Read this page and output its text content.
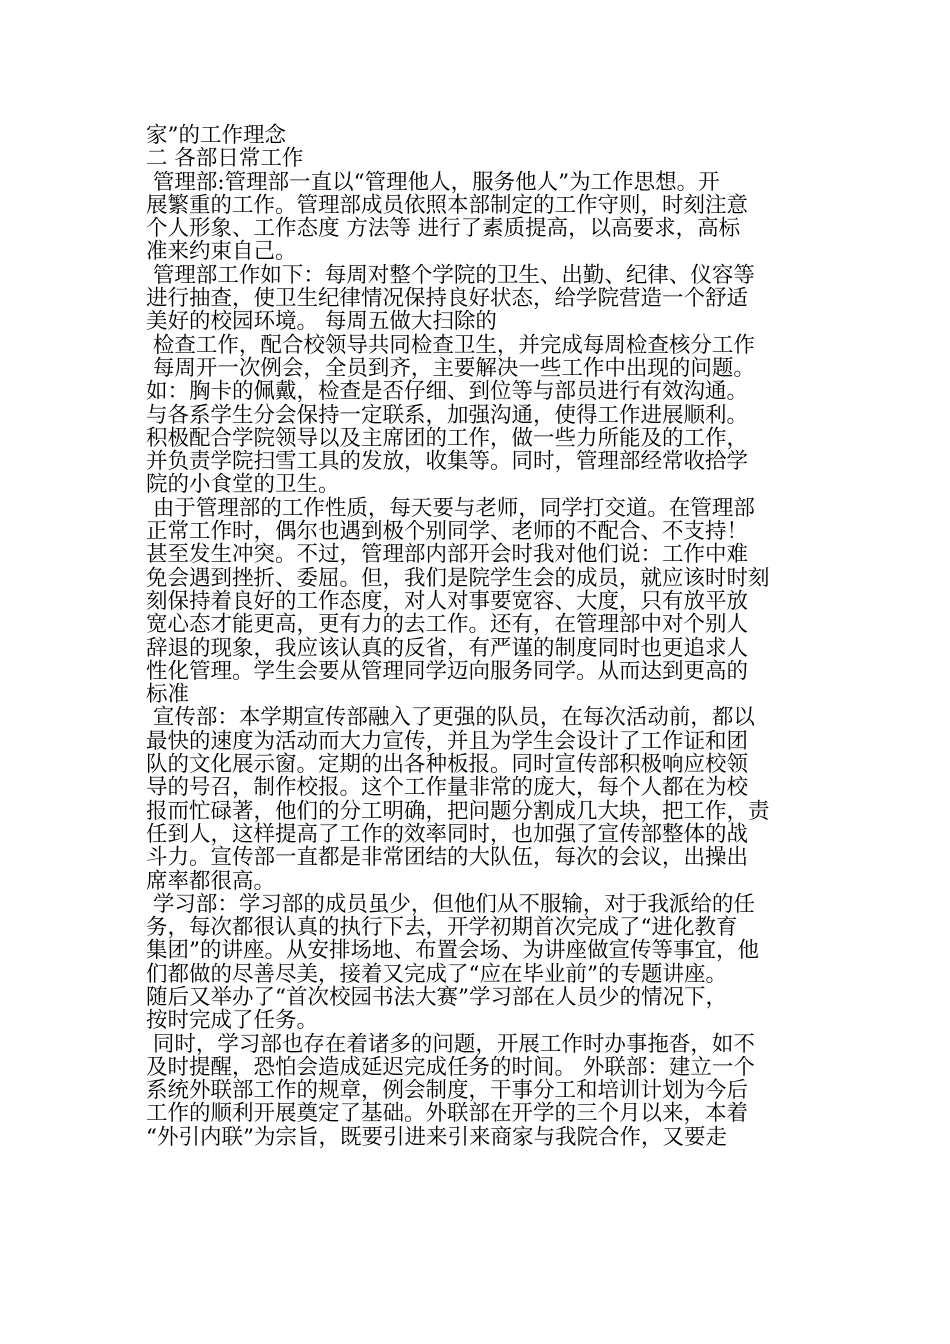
家”的工作理念
二 各部日常工作
管理部:管理部一直以“管理他人，服务他人”为工作思想。开
展繁重的工作。管理部成员依照本部制定的工作守则，时刻注意
个人形象、工作态度 方法等 进行了素质提高，以高要求，高标
准来约束自己。
管理部工作如下：每周对整个学院的卫生、出勤、纪律、仪容等
进行抽查，使卫生纪律情况保持良好状态，给学院营造一个舒适
美好的校园环境。 每周五做大扫除的
检查工作，配合校领导共同检查卫生，并完成每周检查核分工作
每周开一次例会，全员到齐，主要解决一些工作中出现的问题。
如：胸卡的佩戴，检查是否仔细、到位等与部员进行有效沟通。
与各系学生分会保持一定联系，加强沟通，使得工作进展顺利。
积极配合学院领导以及主席团的工作，做一些力所能及的工作，
并负责学院扫雪工具的发放，收集等。同时，管理部经常收拾学
院的小食堂的卫生。
由于管理部的工作性质，每天要与老师，同学打交道。在管理部
正常工作时，偶尔也遇到极个别同学、老师的不配合、不支持！
甚至发生冲突。不过，管理部内部开会时我对他们说：工作中难
免会遇到挫折、委屈。但，我们是院学生会的成员，就应该时时刻
刻保持着良好的工作态度，对人对事要宽容、大度，只有放平放
宽心态才能更高，更有力的去工作。还有，在管理部中对个别人
辞退的现象，我应该认真的反省，有严谨的制度同时也更追求人
性化管理。学生会要从管理同学迈向服务同学。从而达到更高的
标准
宣传部：本学期宣传部融入了更强的队员，在每次活动前，都以
最快的速度为活动而大力宣传，并且为学生会设计了工作证和团
队的文化展示窗。定期的出各种板报。同时宣传部积极响应校领
导的号召，制作校报。这个工作量非常的庞大，每个人都在为校
报而忙碌著，他们的分工明确，把问题分割成几大块，把工作，责
任到人，这样提高了工作的效率同时，也加强了宣传部整体的战
斗力。宣传部一直都是非常团结的大队伍，每次的会议，出操出
席率都很高。
学习部：学习部的成员虽少，但他们从不服输，对于我派给的任
务，每次都很认真的执行下去，开学初期首次完成了“进化教育
集团”的讲座。从安排场地、布置会场、为讲座做宣传等事宜，他
们都做的尽善尽美，接着又完成了“应在毕业前”的专题讲座。
随后又举办了“首次校园书法大赛”学习部在人员少的情况下，
按时完成了任务。
同时，学习部也存在着诸多的问题，开展工作时办事拖沓，如不
及时提醒，恐怕会造成延迟完成任务的时间。 外联部：建立一个
系统外联部工作的规章，例会制度，干事分工和培训计划为今后
工作的顺利开展奠定了基础。外联部在开学的三个月以来，本着
“外引内联”为宗旨，既要引进来引来商家与我院合作，又要走
